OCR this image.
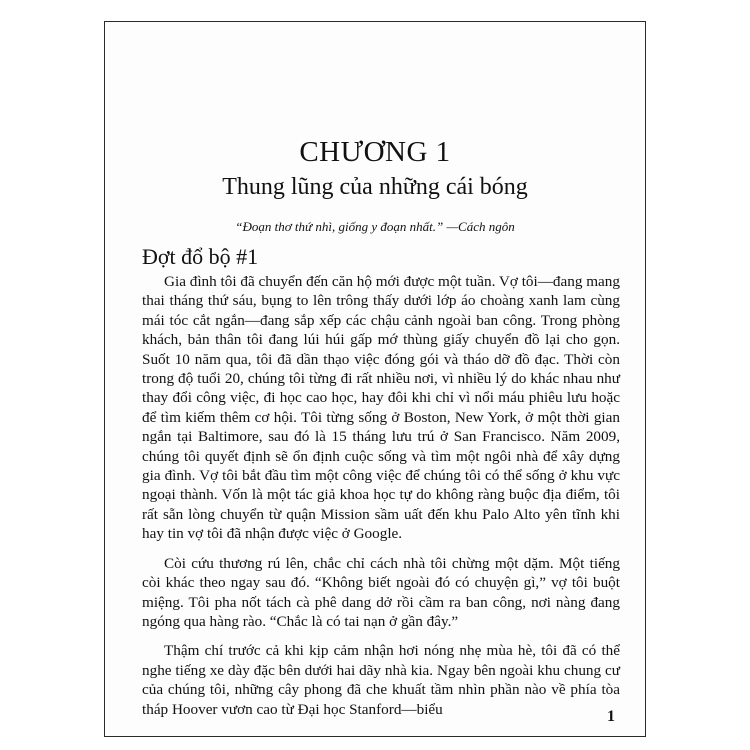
CHƯƠNG 1
Thung lũng của những cái bóng
“Đoạn thơ thứ nhì, giống y đoạn nhất.” —Cách ngôn
Đợt đổ bộ #1

Gia đình tôi đã chuyển đến căn hộ mới được một tuần. Vợ tôi—đang mang thai tháng thứ sáu, bụng to lên trông thấy dưới lớp áo choàng xanh lam cùng mái tóc cắt ngắn—đang sắp xếp các chậu cảnh ngoài ban công. Trong phòng khách, bản thân tôi đang lúi húi gấp mớ thùng giấy chuyển đồ lại cho gọn. Suốt 10 năm qua, tôi đã dần thạo việc đóng gói và tháo dỡ đồ đạc. Thời còn trong độ tuổi 20, chúng tôi từng đi rất nhiều nơi, vì nhiều lý do khác nhau như thay đổi công việc, đi học cao học, hay đôi khi chỉ vì nổi máu phiêu lưu hoặc để tìm kiếm thêm cơ hội. Tôi từng sống ở Boston, New York, ở một thời gian ngắn tại Baltimore, sau đó là 15 tháng lưu trú ở San Francisco. Năm 2009, chúng tôi quyết định sẽ ổn định cuộc sống và tìm một ngôi nhà để xây dựng gia đình. Vợ tôi bắt đầu tìm một công việc để chúng tôi có thể sống ở khu vực ngoại thành. Vốn là một tác giả khoa học tự do không ràng buộc địa điểm, tôi rất sẵn lòng chuyển từ quận Mission sầm uất đến khu Palo Alto yên tĩnh khi hay tin vợ tôi đã nhận được việc ở Google.

Còi cứu thương rú lên, chắc chỉ cách nhà tôi chừng một dặm. Một tiếng còi khác theo ngay sau đó. “Không biết ngoài đó có chuyện gì,” vợ tôi buột miệng. Tôi pha nốt tách cà phê dang dở rồi cầm ra ban công, nơi nàng đang ngóng qua hàng rào. “Chắc là có tai nạn ở gần đây.”

Thậm chí trước cả khi kịp cảm nhận hơi nóng nhẹ mùa hè, tôi đã có thể nghe tiếng xe dày đặc bên dưới hai dãy nhà kia. Ngay bên ngoài khu chung cư của chúng tôi, những cây phong đã che khuất tầm nhìn phần nào về phía tòa tháp Hoover vươn cao từ Đại học Stanford—biểu	1
